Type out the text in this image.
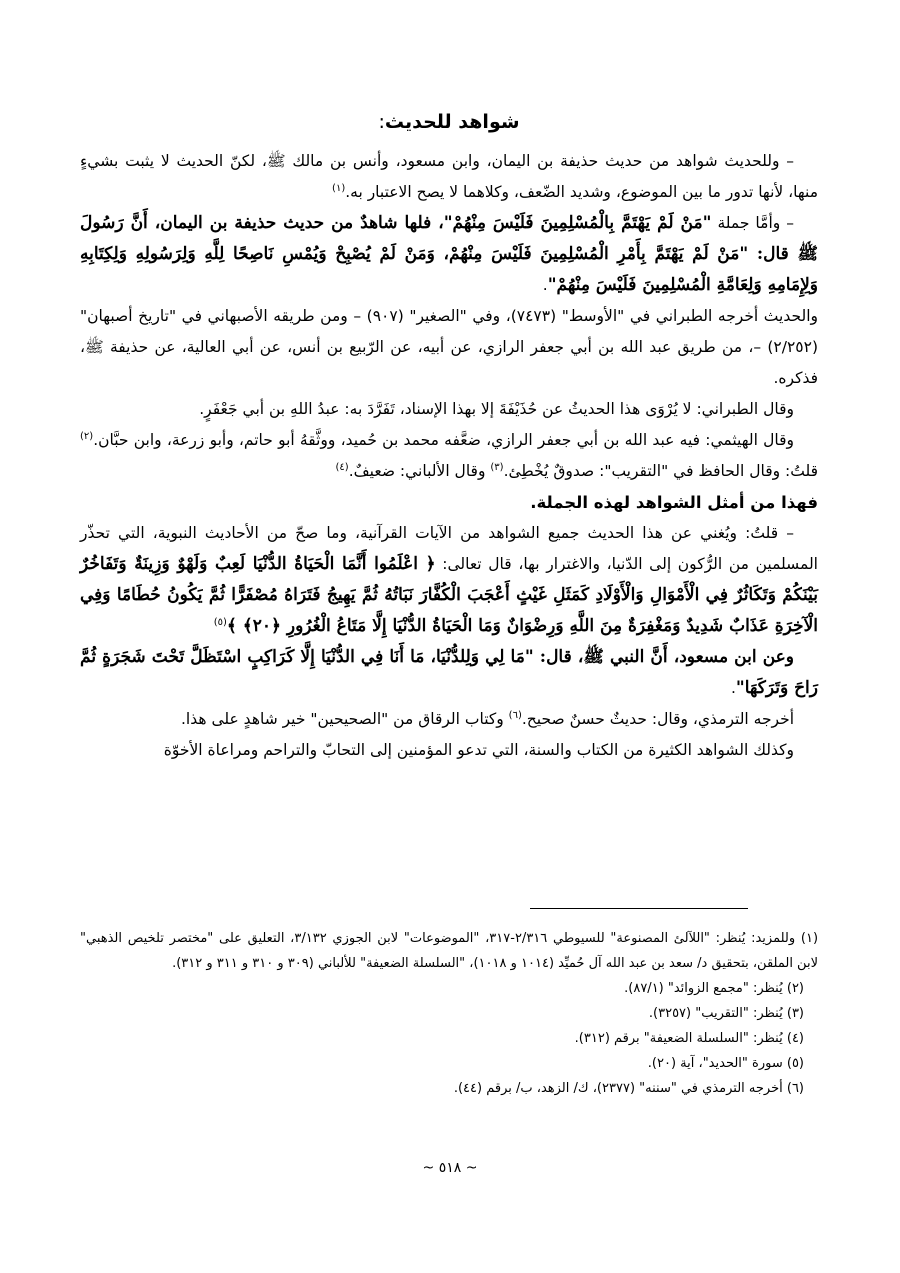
شواهد للحديث:

– وللحديث شواهد من حديث حذيفة بن اليمان، وابن مسعود، وأنس بن مالك ﷺ، لكنّ الحديث لا يثبت بشيءٍ منها، لأنها تدور ما بين الموضوع، وشديد الضّعف، وكلاهما لا يصح الاعتبار به.$^{(١)}$

– وأمَّا جملة "مَنْ لَمْ يَهْتَمَّ بِالْمُسْلِمِينَ فَلَيْسَ مِنْهُمْ"، فلها شاهدٌ من حديث حذيفة بن اليمان، أَنَّ رَسُولَ ﷺ قال: "مَنْ لَمْ يَهْتَمَّ بِأَمْرِ الْمُسْلِمِينَ فَلَيْسَ مِنْهُمْ، وَمَنْ لَمْ يُصْبِحْ وَيُمْسِ نَاصِحًا لِلَّهِ وَلِرَسُولِهِ وَلِكِتَابِهِ وَلِإِمَامِهِ وَلِعَامَّةِ الْمُسْلِمِينَ فَلَيْسَ مِنْهُمْ".

والحديث أخرجه الطبراني في "الأوسط" (٧٤٧٣)، وفي "الصغير" (٩٠٧) – ومن طريقه الأصبهاني في "تاريخ أصبهان" (٢/٢٥٢) –، من طريق عبد الله بن أبي جعفر الرازي، عن أبيه، عن الرّبيع بن أنس، عن أبي العالية، عن حذيفة ﷺ، فذكره.

وقال الطبراني: لا يُرْوَى هذا الحديثُ عن حُذَيْفَةَ إلا بهذا الإسناد، تَفَرَّدَ به: عبدُ اللهِ بن أبي جَعْفَرٍ.

وقال الهيثمي: فيه عبد الله بن أبي جعفر الرازي، ضعَّفه محمد بن حُميد، ووثَّقهُ أبو حاتم، وأبو زرعة، وابن حبَّان.$^{(٢)}$ قلتُ: وقال الحافظ في "التقريب": صدوقٌ يُخْطِئ.$^{(٣)}$ وقال الألباني: ضعيفٌ.$^{(٤)}$

فهذا من أمثل الشواهد لهذه الجملة.

– قلتُ: ويُغني عن هذا الحديث جميع الشواهد من الآيات القرآنية، وما صحّ من الأحاديث النبوية، التي تحذّر المسلمين من الرُّكون إلى الدّنيا، والاغترار بها، قال تعالى: ﴿ اعْلَمُوا أَنَّمَا الْحَيَاةُ الدُّنْيَا لَعِبٌ وَلَهْوٌ وَزِينَةٌ وَتَفَاخُرٌ بَيْنَكُمْ وَتَكَاثُرٌ فِي الْأَمْوَالِ وَالْأَوْلَادِ كَمَثَلِ غَيْثٍ أَعْجَبَ الْكُفَّارَ نَبَاتُهُ ثُمَّ يَهِيجُ فَتَرَاهُ مُصْفَرًّا ثُمَّ يَكُونُ حُطَامًا وَفِي الْآخِرَةِ عَذَابٌ شَدِيدٌ وَمَغْفِرَةٌ مِنَ اللَّهِ وَرِضْوَانٌ وَمَا الْحَيَاةُ الدُّنْيَا إِلَّا مَتَاعُ الْغُرُورِ ﴿٢٠﴾ ﴾$^{(٥)}$

وعن ابن مسعود، أَنَّ النبي ﷺ، قال: "مَا لِي وَلِلدُّنْيَا، مَا أَنَا فِي الدُّنْيَا إِلَّا كَرَاكِبٍ اسْتَظَلَّ تَحْتَ شَجَرَةٍ ثُمَّ رَاحَ وَتَرَكَهَا".

أخرجه الترمذي، وقال: حديثٌ حسنٌ صحيح.$^{(٦)}$ وكتاب الرقاق من "الصحيحين" خير شاهدٍ على هذا.

وكذلك الشواهد الكثيرة من الكتاب والسنة، التي تدعو المؤمنين إلى التحابّ والتراحم ومراعاة الأخوّة

(١) وللمزيد: يُنظر: "اللآلئ المصنوعة" للسيوطي ٢/٣١٦-٣١٧، "الموضوعات" لابن الجوزي ٣/١٣٢، التعليق على "مختصر تلخيص الذهبي" لابن الملقن، بتحقيق د/ سعد بن عبد الله آل حُميِّد (١٠١٤ و ١٠١٨)، "السلسلة الضعيفة" للألباني (٣٠٩ و ٣١٠ و ٣١١ و ٣١٢).

(٢) يُنظر: "مجمع الزوائد" (٨٧/١).

(٣) يُنظر: "التقريب" (٣٢٥٧).

(٤) يُنظر: "السلسلة الضعيفة" برقم (٣١٢).

(٥) سورة "الحديد"، آية (٢٠).

(٦) أخرجه الترمذي في "سننه" (٢٣٧٧)، ك/ الزهد، ب/ برقم (٤٤).

~ ٥١٨ ~
